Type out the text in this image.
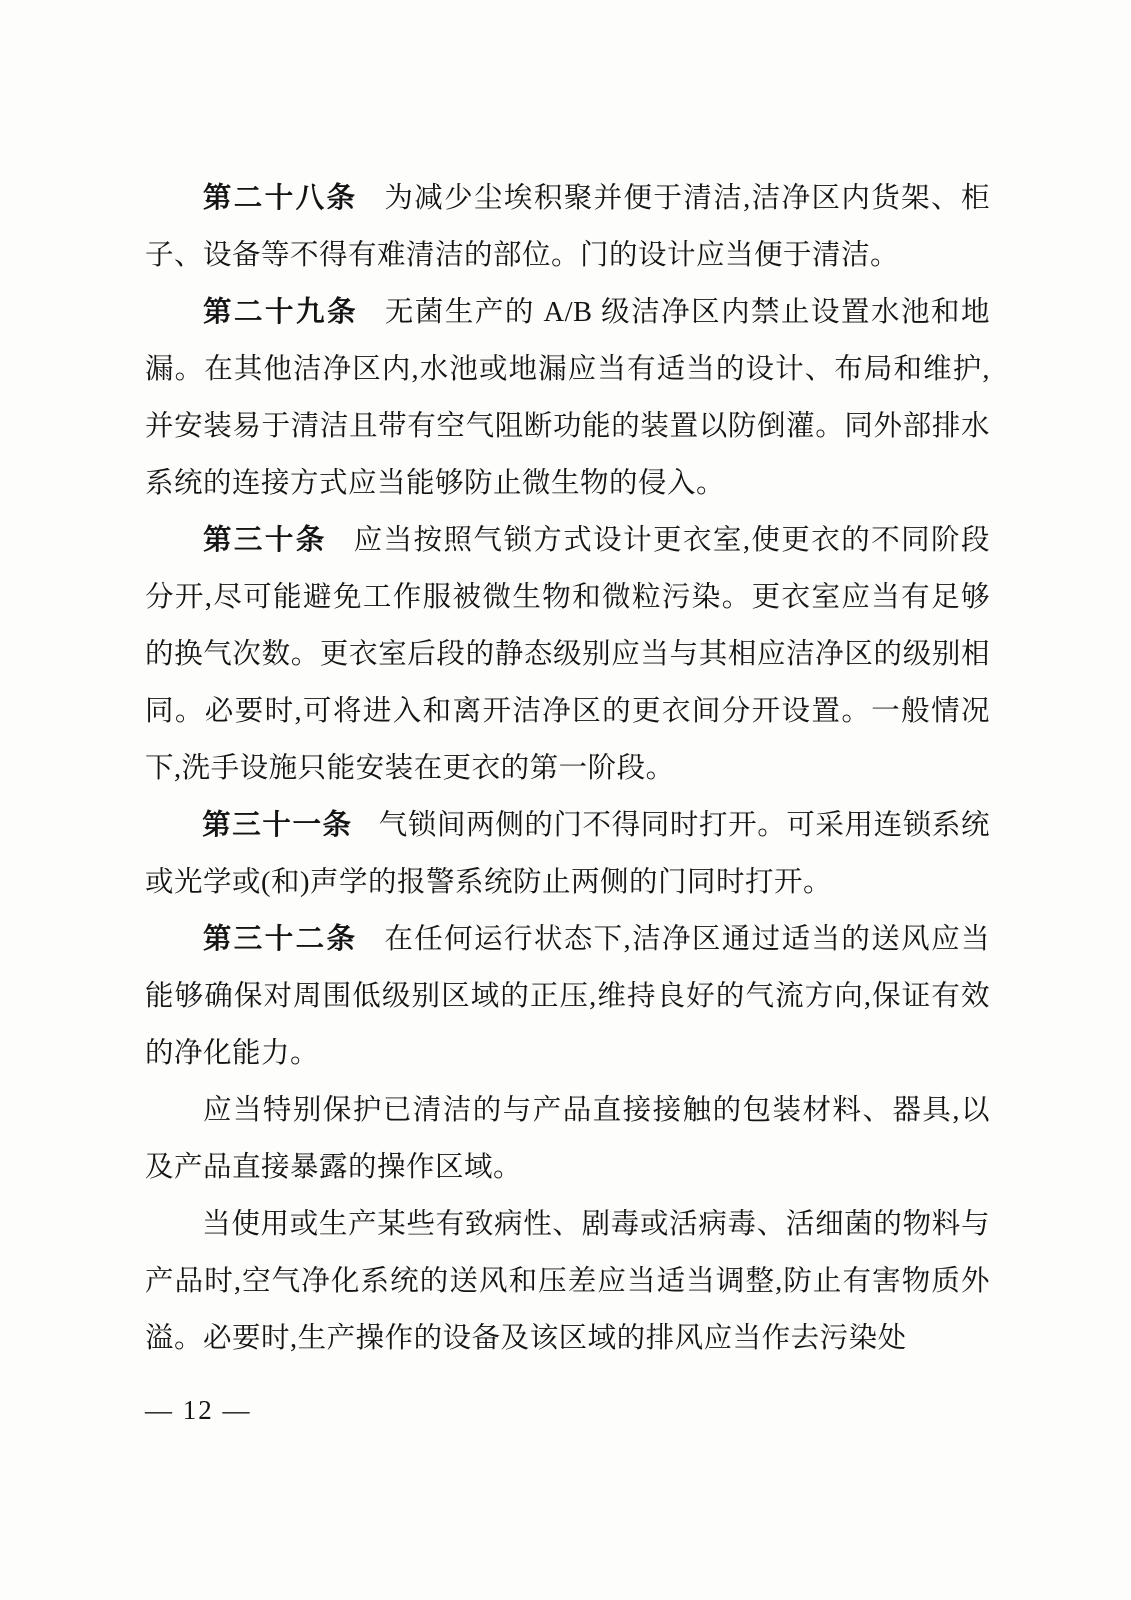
第二十八条 为减少尘埃积聚并便于清洁,洁净区内货架、柜子、设备等不得有难清洁的部位。门的设计应当便于清洁。

第二十九条 无菌生产的 A/B 级洁净区内禁止设置水池和地漏。在其他洁净区内,水池或地漏应当有适当的设计、布局和维护,并安装易于清洁且带有空气阻断功能的装置以防倒灌。同外部排水系统的连接方式应当能够防止微生物的侵入。

第三十条 应当按照气锁方式设计更衣室,使更衣的不同阶段分开,尽可能避免工作服被微生物和微粒污染。更衣室应当有足够的换气次数。更衣室后段的静态级别应当与其相应洁净区的级别相同。必要时,可将进入和离开洁净区的更衣间分开设置。一般情况下,洗手设施只能安装在更衣的第一阶段。

第三十一条 气锁间两侧的门不得同时打开。可采用连锁系统或光学或(和)声学的报警系统防止两侧的门同时打开。

第三十二条 在任何运行状态下,洁净区通过适当的送风应当能够确保对周围低级别区域的正压,维持良好的气流方向,保证有效的净化能力。

应当特别保护已清洁的与产品直接接触的包装材料、器具,以及产品直接暴露的操作区域。

当使用或生产某些有致病性、剧毒或活病毒、活细菌的物料与产品时,空气净化系统的送风和压差应当适当调整,防止有害物质外溢。必要时,生产操作的设备及该区域的排风应当作去污染处

— 12 —
